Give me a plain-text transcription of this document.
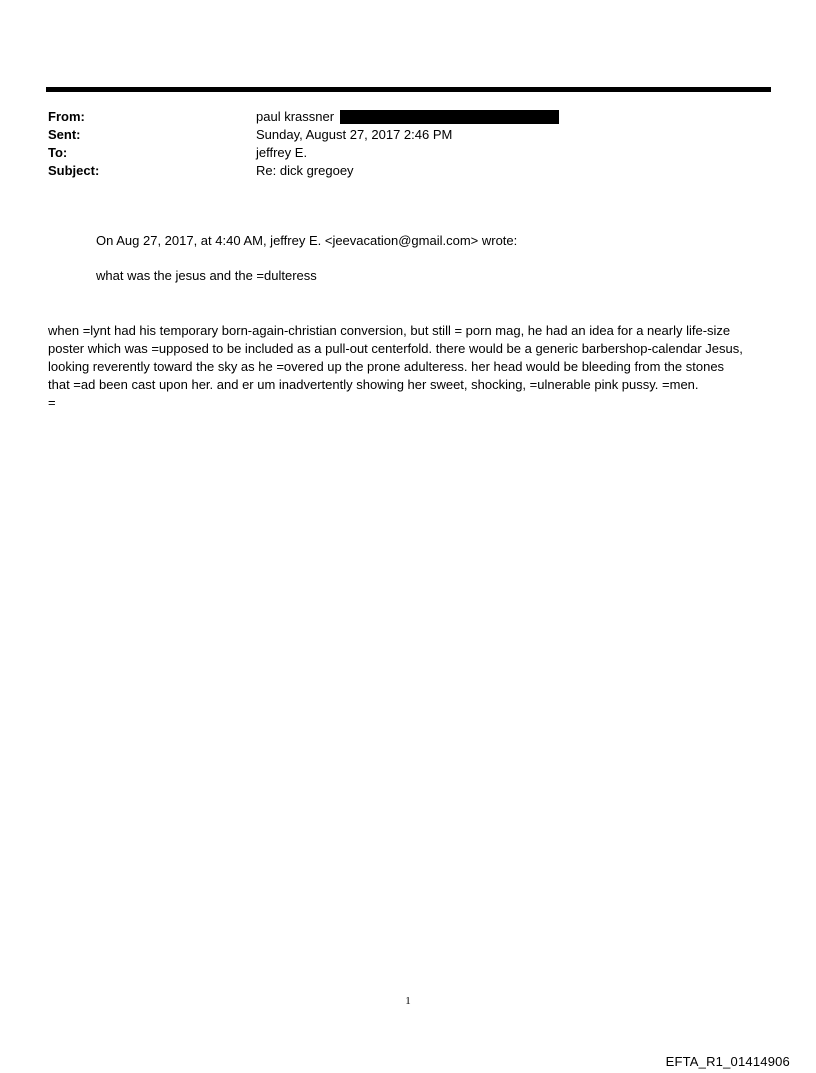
From:	paul krassner
Sent:	Sunday, August 27, 2017 2:46 PM
To:	jeffrey E.
Subject:	Re: dick gregoey

On Aug 27, 2017, at 4:40 AM, jeffrey E. <jeevacation@gmail.com> wrote:

what was the jesus and the =dulteress

when =lynt had his temporary born-again-christian conversion, but still = porn mag, he had an idea for a nearly life-size

poster which was =upposed to be included as a pull-out centerfold. there would be a generic barbershop-calendar Jesus,

looking reverently toward the sky as he =overed up the prone adulteress. her head would be bleeding from the stones

that =ad been cast upon her. and er um inadvertently showing her sweet, shocking, =ulnerable pink pussy. =men.

=

1
EFTA_R1_01414906
